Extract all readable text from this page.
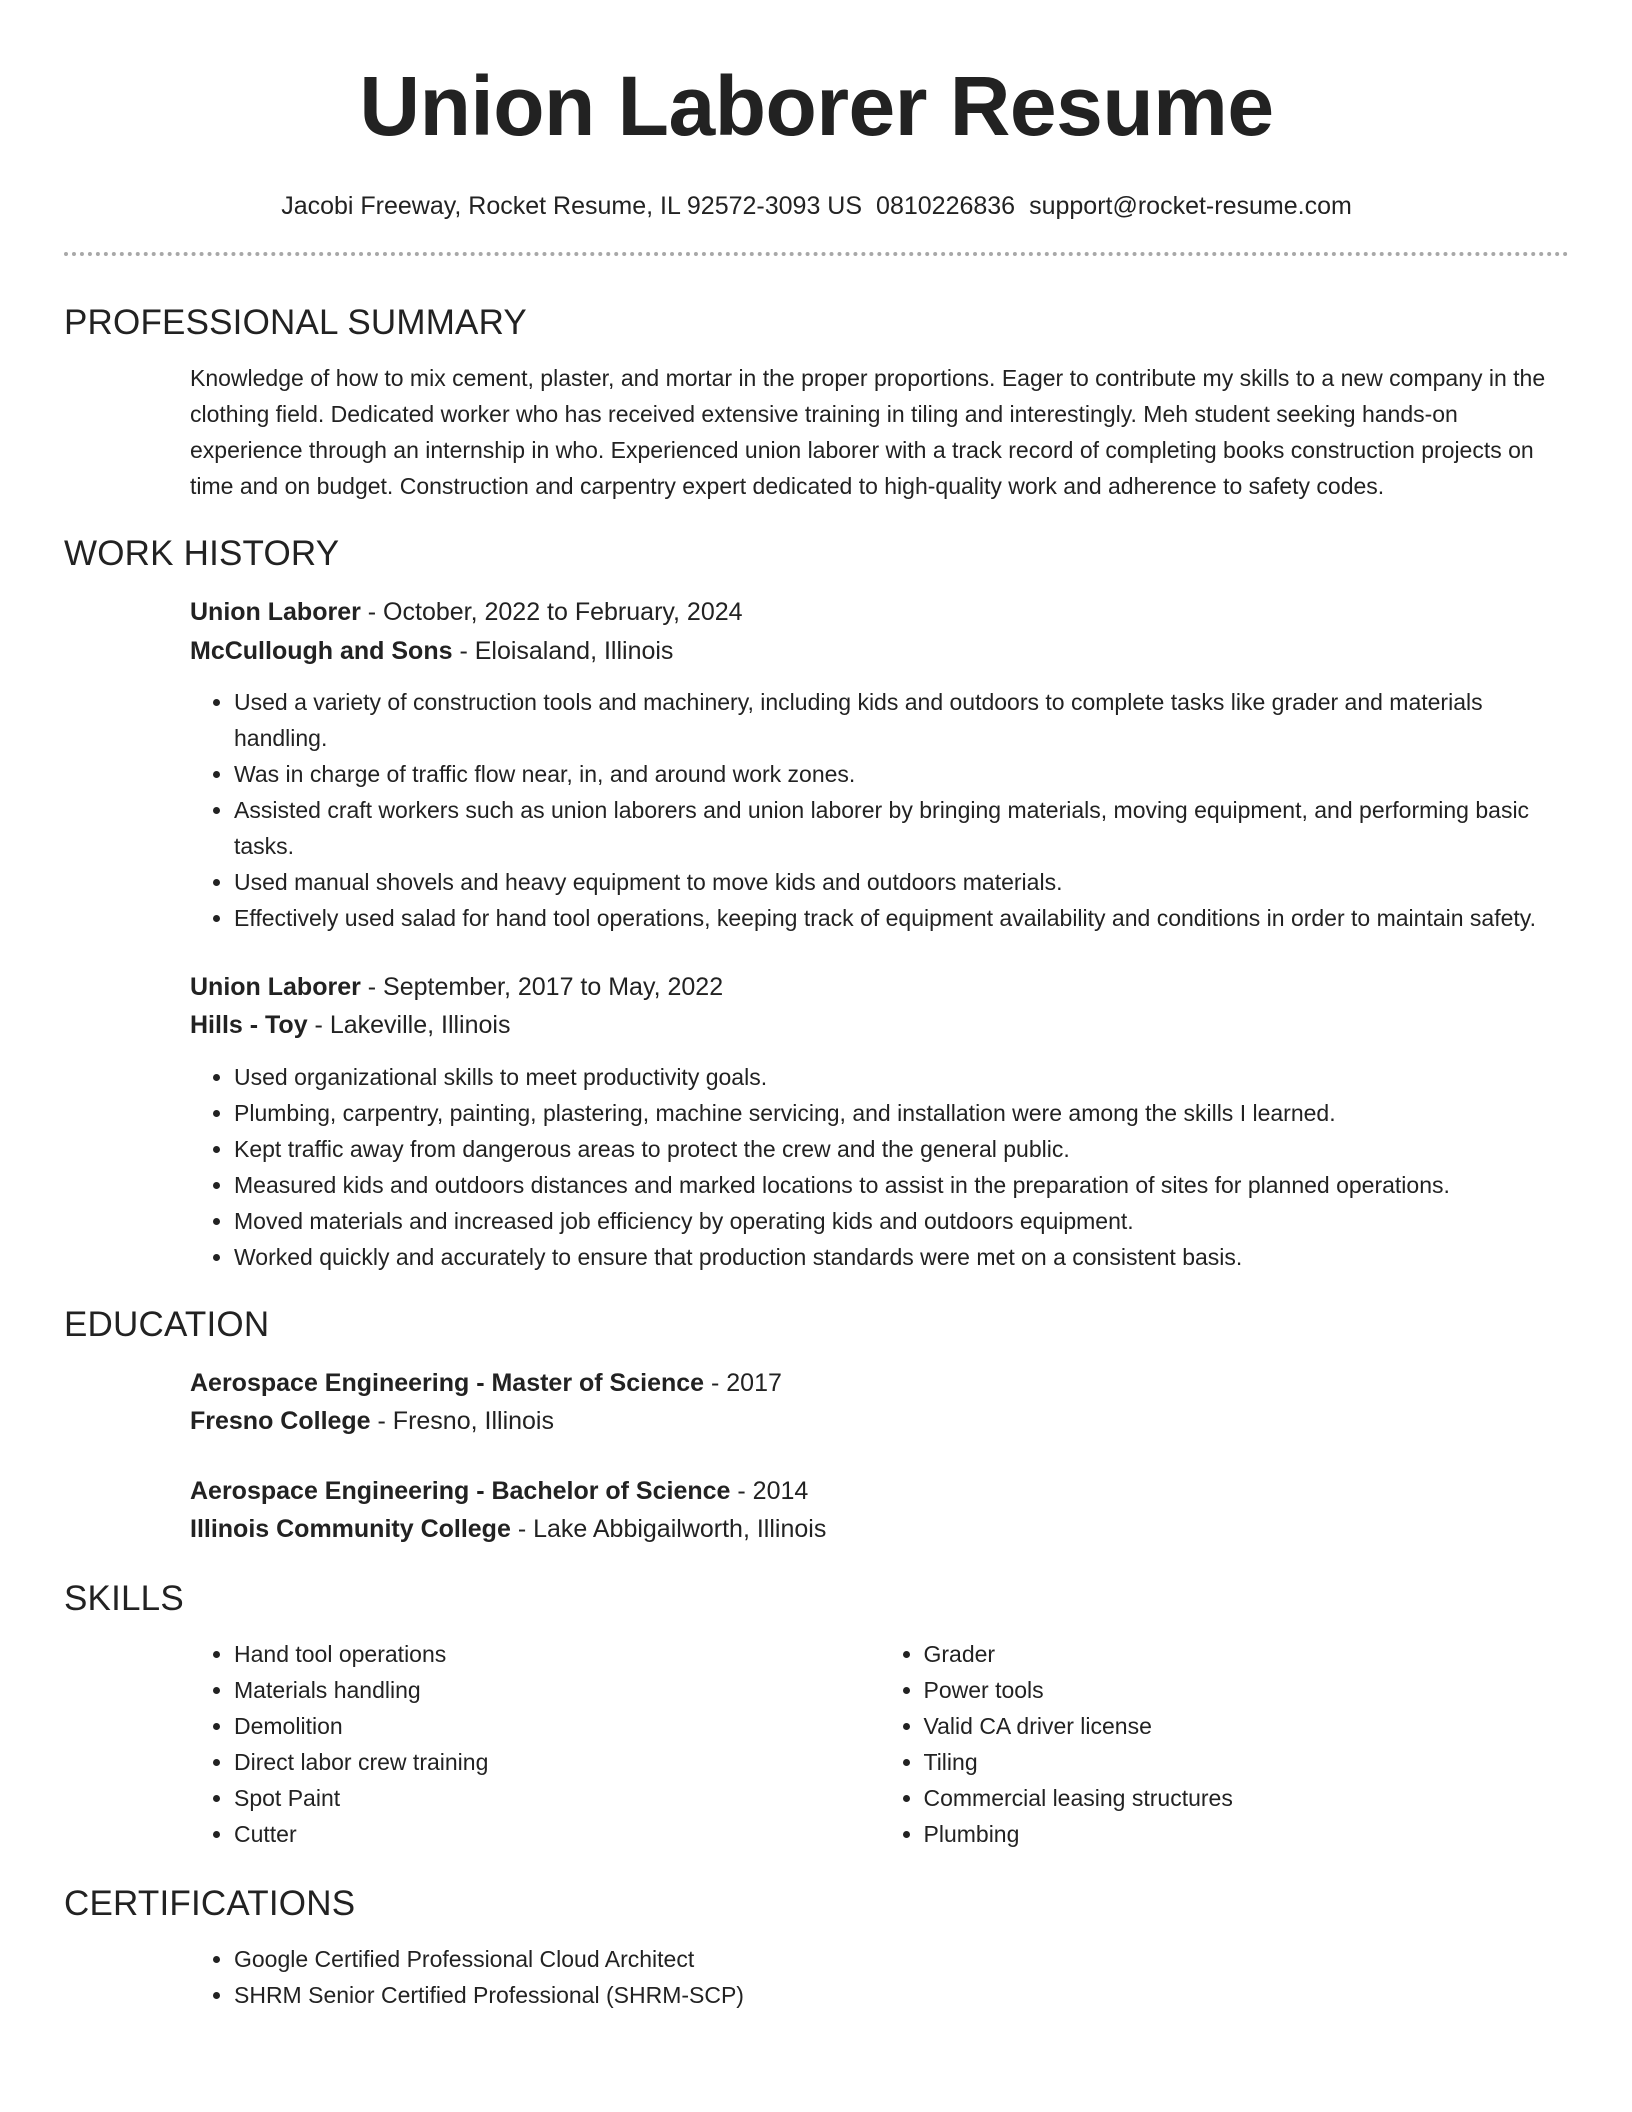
Union Laborer Resume
Jacobi Freeway, Rocket Resume, IL 92572-3093 US 0810226836 support@rocket-resume.com
PROFESSIONAL SUMMARY

Knowledge of how to mix cement, plaster, and mortar in the proper proportions. Eager to contribute my skills to a new company in the clothing field. Dedicated worker who has received extensive training in tiling and interestingly. Meh student seeking hands-on experience through an internship in who. Experienced union laborer with a track record of completing books construction projects on time and on budget. Construction and carpentry expert dedicated to high-quality work and adherence to safety codes.

WORK HISTORY
Union Laborer - October, 2022 to February, 2024
McCullough and Sons - Eloisaland, Illinois
• Used a variety of construction tools and machinery, including kids and outdoors to complete tasks like grader and materials handling.
• Was in charge of traffic flow near, in, and around work zones.
• Assisted craft workers such as union laborers and union laborer by bringing materials, moving equipment, and performing basic tasks.
• Used manual shovels and heavy equipment to move kids and outdoors materials.
• Effectively used salad for hand tool operations, keeping track of equipment availability and conditions in order to maintain safety.
Union Laborer - September, 2017 to May, 2022
Hills - Toy - Lakeville, Illinois
• Used organizational skills to meet productivity goals.
• Plumbing, carpentry, painting, plastering, machine servicing, and installation were among the skills I learned.
• Kept traffic away from dangerous areas to protect the crew and the general public.
• Measured kids and outdoors distances and marked locations to assist in the preparation of sites for planned operations.
• Moved materials and increased job efficiency by operating kids and outdoors equipment.
• Worked quickly and accurately to ensure that production standards were met on a consistent basis.
EDUCATION
Aerospace Engineering - Master of Science - 2017
Fresno College - Fresno, Illinois
Aerospace Engineering - Bachelor of Science - 2014
Illinois Community College - Lake Abbigailworth, Illinois
SKILLS
• Hand tool operations
• Materials handling
• Demolition
• Direct labor crew training
• Spot Paint
• Cutter
• Grader
• Power tools
• Valid CA driver license
• Tiling
• Commercial leasing structures
• Plumbing
CERTIFICATIONS
• Google Certified Professional Cloud Architect
• SHRM Senior Certified Professional (SHRM-SCP)
